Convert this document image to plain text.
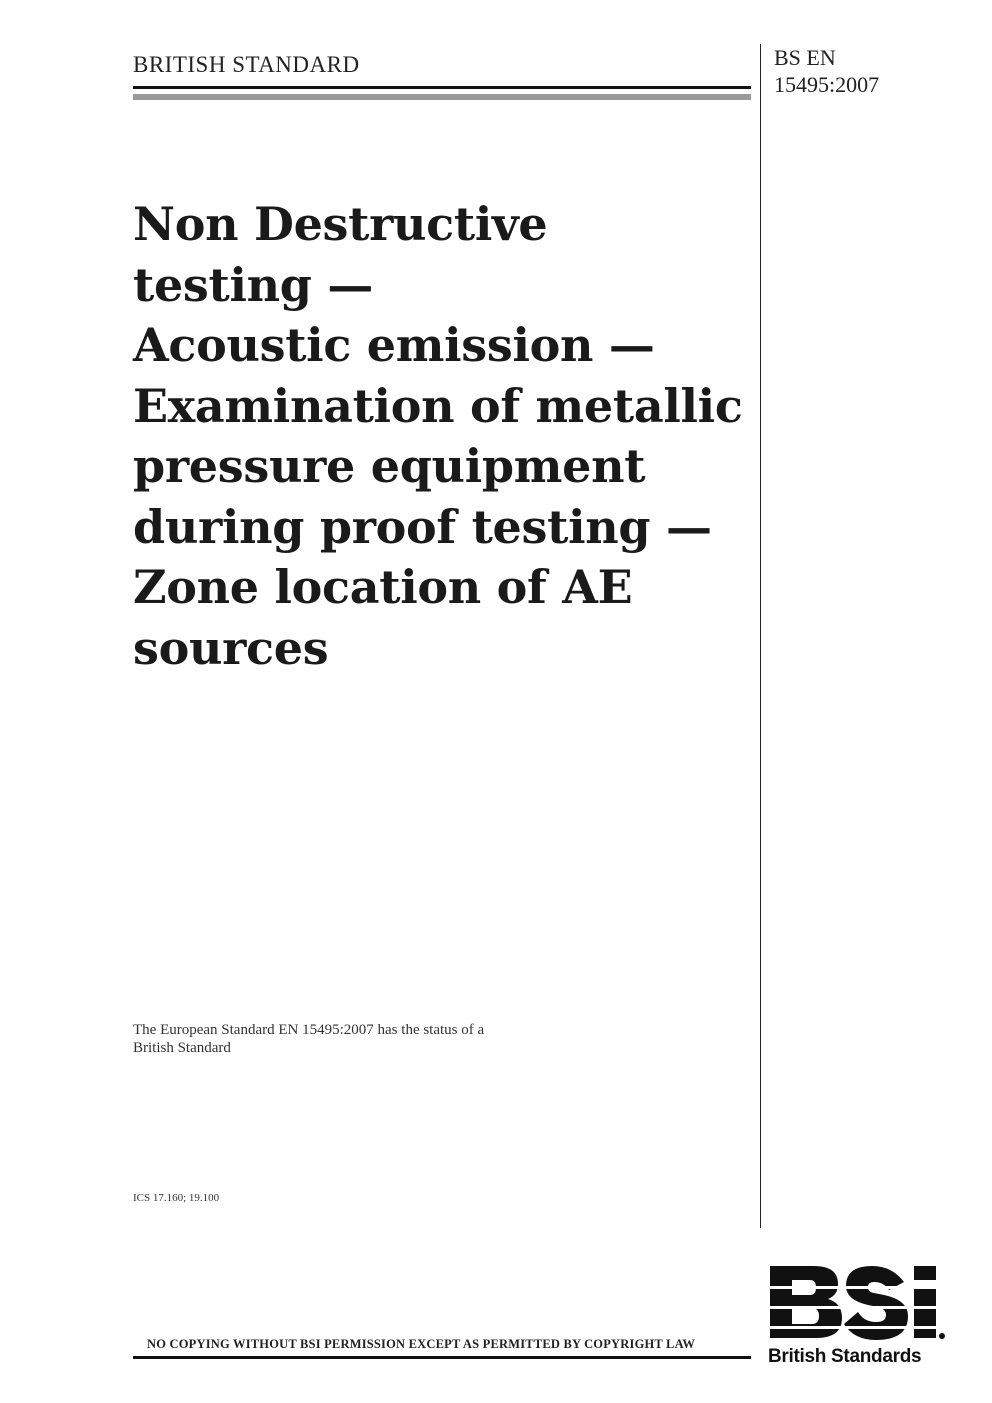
BRITISH STANDARD	BS EN
15495:2007
Non Destructive
testing —
Acoustic emission —
Examination of metallic
pressure equipment
during proof testing —
Zone location of AE
sources
The European Standard EN 15495:2007 has the status of a
British Standard
ICS 17.160; 19.100
NO COPYING WITHOUT BSI PERMISSION EXCEPT AS PERMITTED BY COPYRIGHT LAW
British Standards
